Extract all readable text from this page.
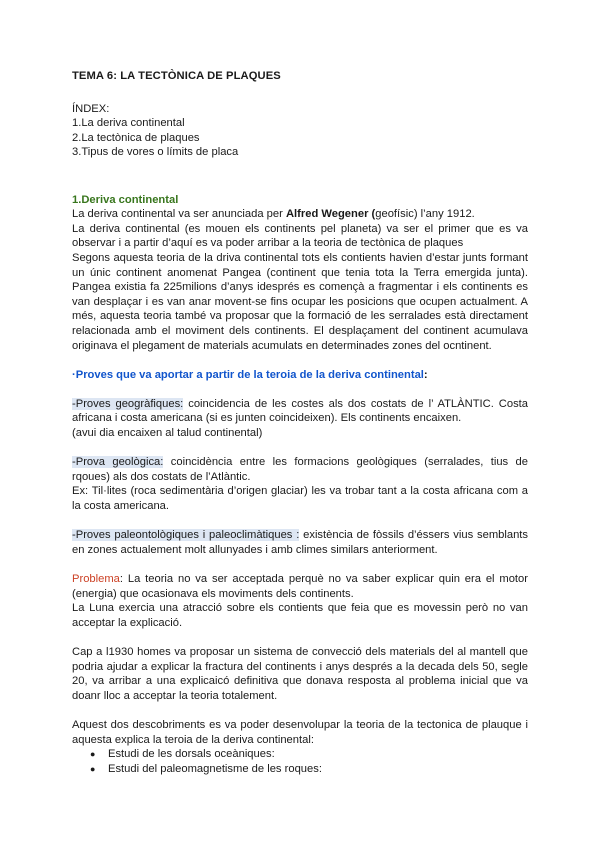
TEMA 6: LA TECTÒNICA DE PLAQUES

ÍNDEX:

1.La deriva continental

2.La tectònica de plaques

3.Tipus de vores o límits de placa

1.Deriva continental

La deriva continental va ser anunciada per Alfred Wegener (geofísic) l’any 1912.

La deriva continental (es mouen els continents pel planeta) va ser el primer que es va observar i a partir d’aquí es va poder arribar a la teoria de tectònica de plaques

Segons aquesta teoria de la driva continental tots els contients havien d’estar junts formant un únic continent anomenat Pangea (continent que tenia tota la Terra emergida junta). Pangea existia fa 225milions d’anys idesprés es començà a fragmentar i els continents es van desplaçar i es van anar movent-se fins ocupar les posicions que ocupen actualment. A més, aquesta teoria també va proposar que la formació de les serralades està directament relacionada amb el moviment dels continents. El desplaçament del continent acumulava originava el plegament de materials acumulats en determinades zones del ocntinent.

·Proves que va aportar a partir de la teroia de la deriva continental:

-Proves geogràfiques: coincidencia de les costes als dos costats de l’ ATLÀNTIC. Costa africana i costa americana (si es junten coincideixen). Els continents encaixen.

(avui dia encaixen al talud continental)

-Prova geològica: coincidència entre les formacions geològiques (serralades, tius de rqoues) als dos costats de l’Atlàntic.

Ex: Til·lites (roca sedimentària d’origen glaciar) les va trobar tant a la costa africana com a la costa americana.

-Proves paleontològiques i paleoclimàtiques : existència de fòssils d’éssers vius semblants en zones actualement molt allunyades i amb climes similars anteriorment.

Problema: La teoria no va ser acceptada perquè no va saber explicar quin era el motor (energia) que ocasionava els moviments dels continents.

La Luna exercia una atracció sobre els contients que feia que es movessin però no van acceptar la explicació.

Cap a l1930 homes va proposar un sistema de convecció dels materials del al mantell que podria ajudar a explicar la fractura del continents i anys després a la decada dels 50, segle 20, va arribar a una explicaicó definitiva que donava resposta al problema inicial que va doanr lloc a acceptar la teoria totalement.

Aquest dos descobriments es va poder desenvolupar la teoria de la tectonica de plauque i aquesta explica la teroia de la deriva continental:

● Estudi de les dorsals oceàniques:
● Estudi del paleomagnetisme de les roques:
